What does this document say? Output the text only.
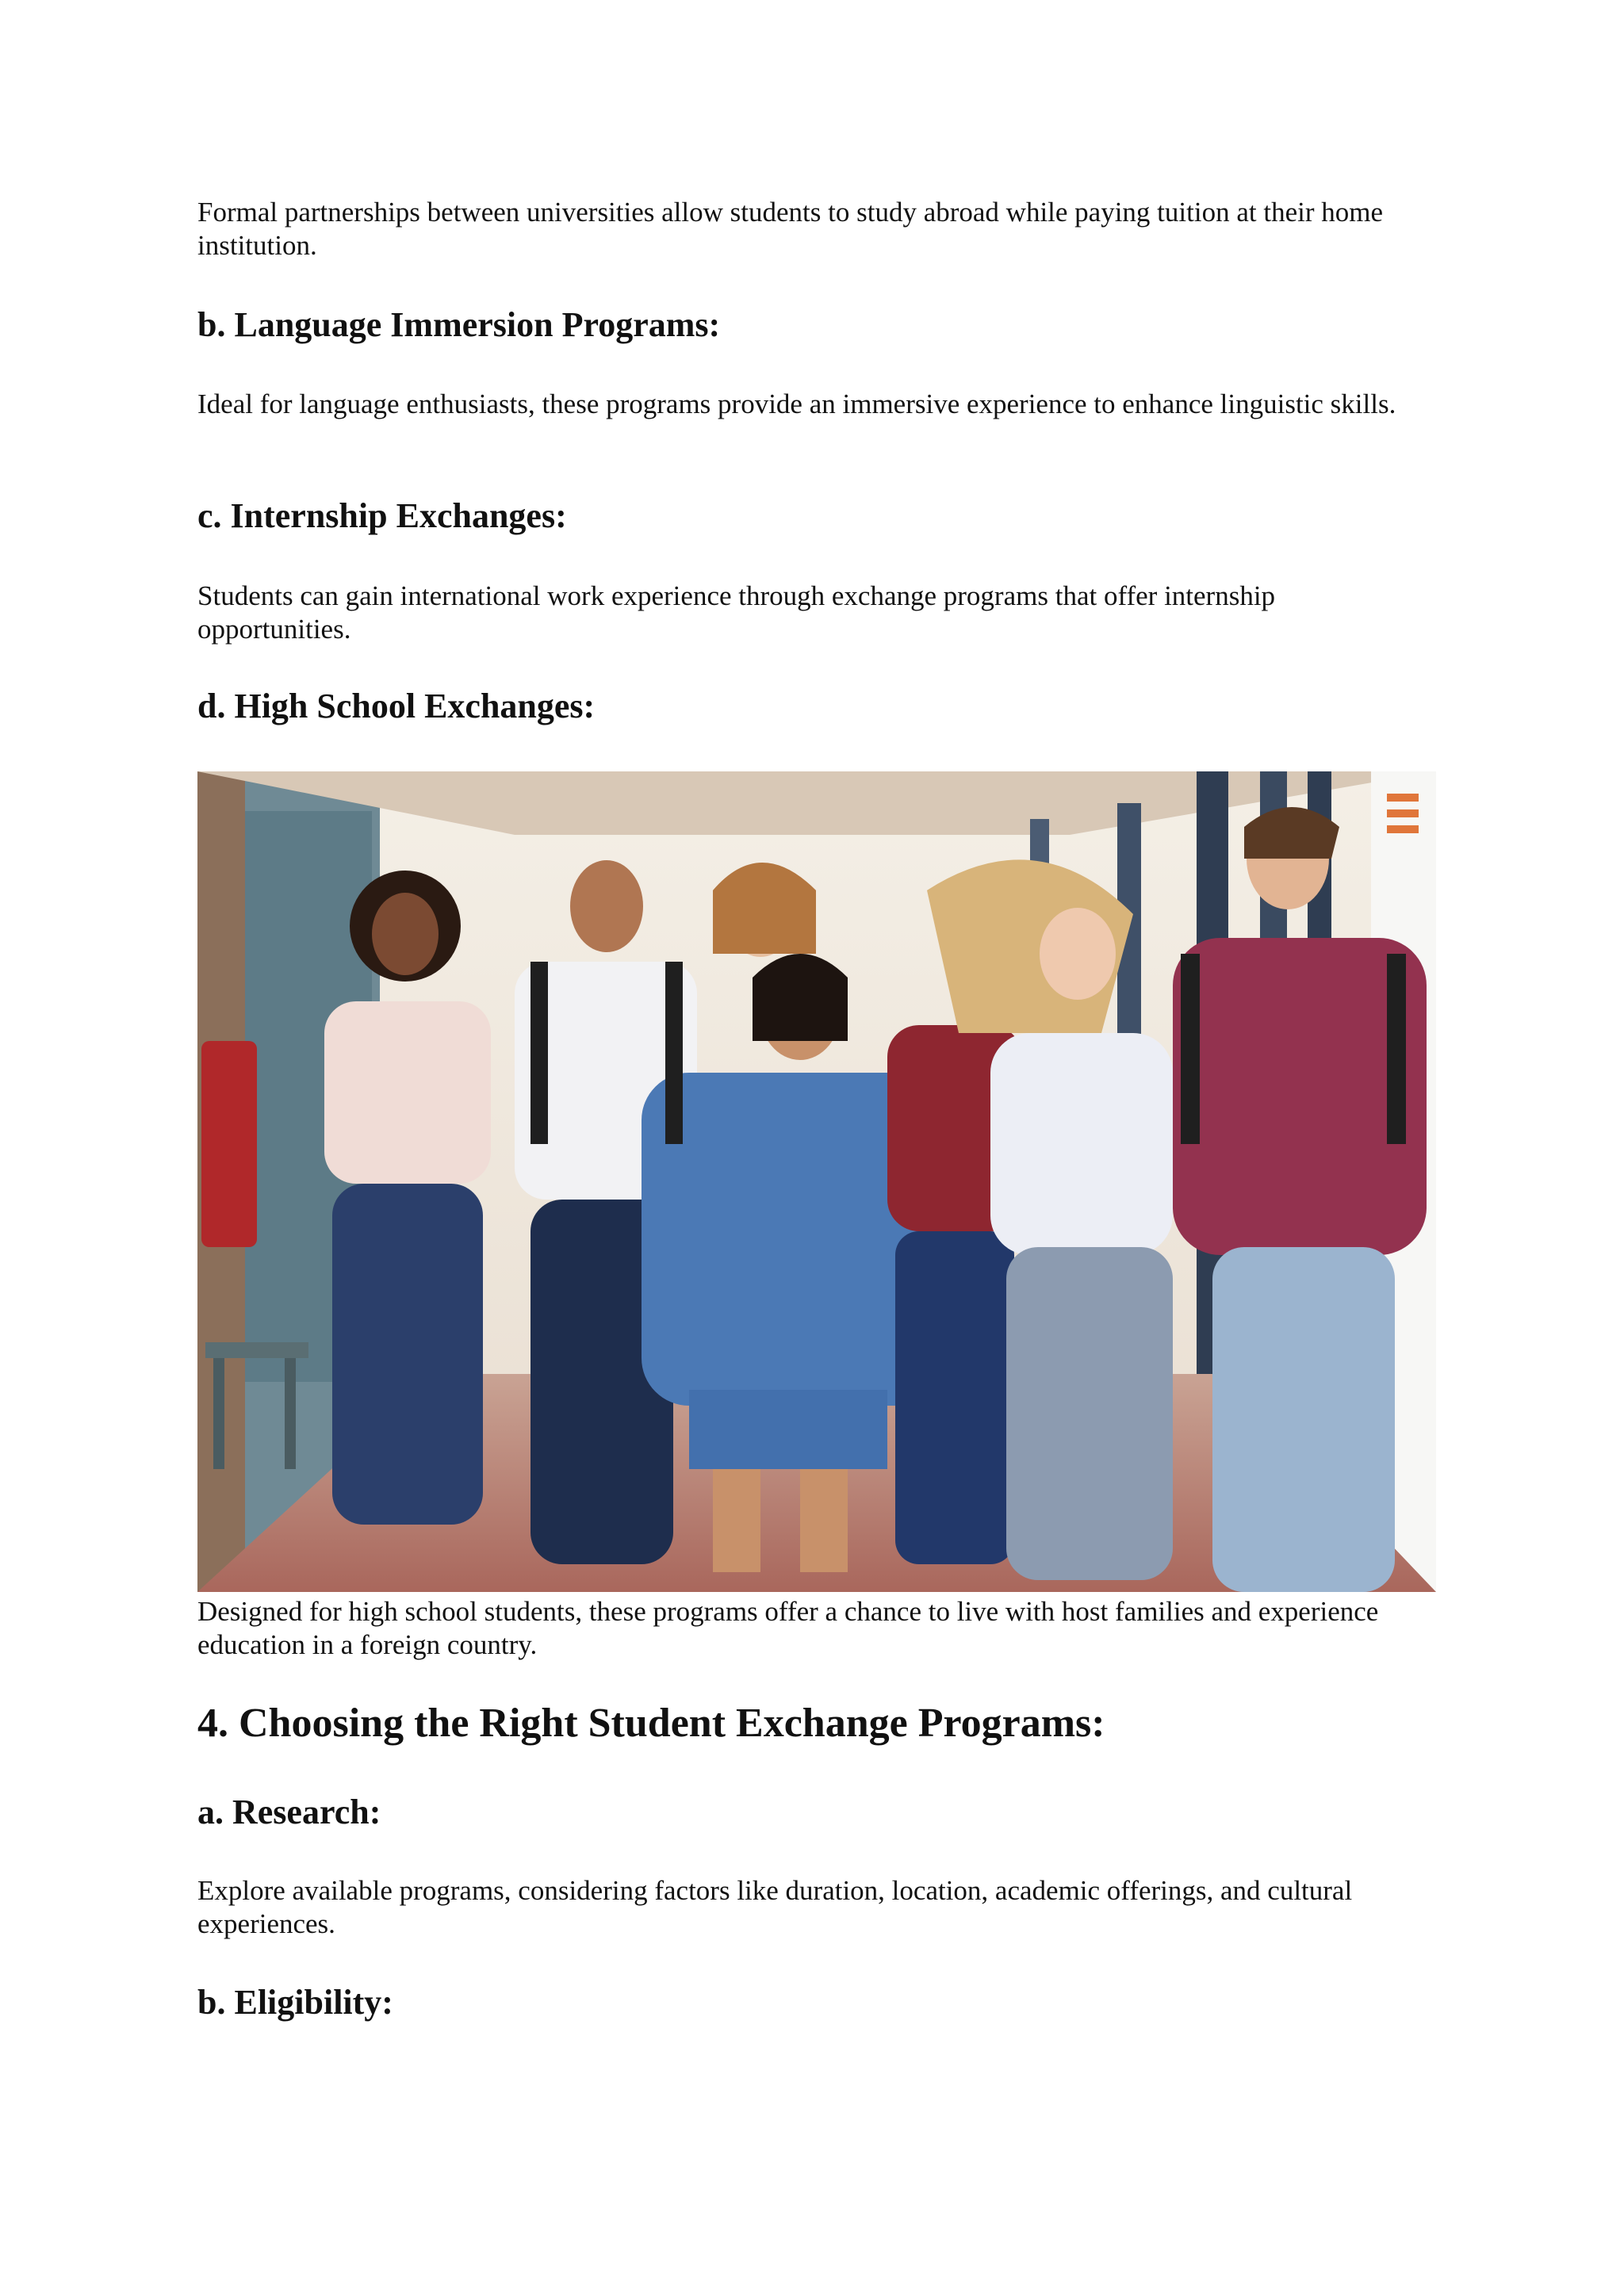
Formal partnerships between universities allow students to study abroad while paying tuition at their home institution.

b. Language Immersion Programs:

Ideal for language enthusiasts, these programs provide an immersive experience to enhance linguistic skills.

c. Internship Exchanges:

Students can gain international work experience through exchange programs that offer internship opportunities.

d. High School Exchanges:

Designed for high school students, these programs offer a chance to live with host families and experience education in a foreign country.

4. Choosing the Right Student Exchange Programs:
a. Research:

Explore available programs, considering factors like duration, location, academic offerings, and cultural experiences.

b. Eligibility:
